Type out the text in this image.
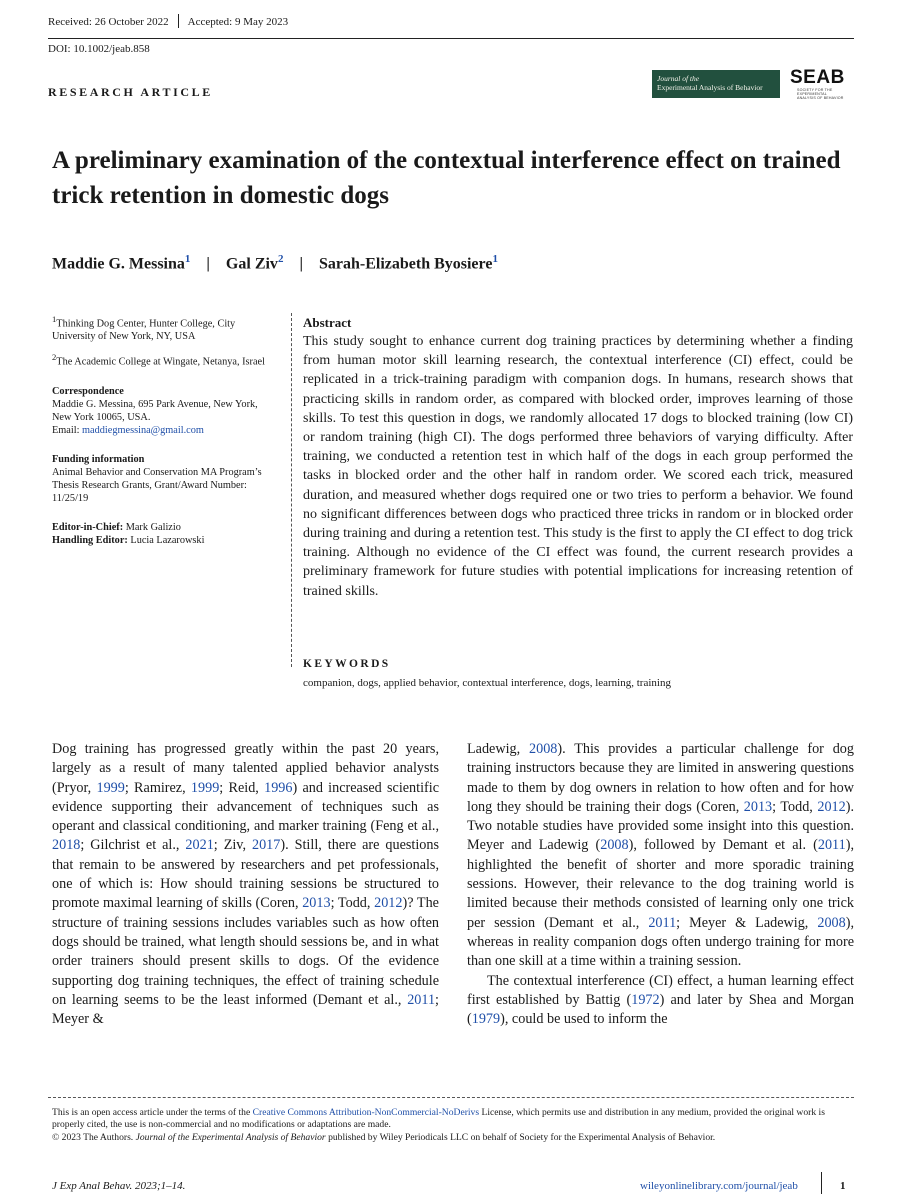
Received: 26 October 2022 Accepted: 9 May 2023
DOI: 10.1002/jeab.858
RESEARCH ARTICLE
Journal of the
Experimental Analysis of Behavior	SEAB
SOCIETY FOR THE EXPERIMENTAL
ANALYSIS OF BEHAVIOR
A preliminary examination of the contextual interference effect on trained trick retention in domestic dogs
Maddie G. Messina$^1$ | Gal Ziv$^2$ | Sarah-Elizabeth Byosiere$^1$

$^1$Thinking Dog Center, Hunter College, City University of New York, NY, USA

$^2$The Academic College at Wingate, Netanya, Israel

Correspondence

Maddie G. Messina, 695 Park Avenue, New York, New York 10065, USA.

Email: maddiegmessina@gmail.com

Funding information

Animal Behavior and Conservation MA Program’s Thesis Research Grants, Grant/Award Number: 11/25/19

Editor-in-Chief: Mark Galizio

Handling Editor: Lucia Lazarowski

Abstract
This study sought to enhance current dog training practices by determining whether a finding from human motor skill learning research, the contextual interference (CI) effect, could be replicated in a trick-training paradigm with companion dogs. In humans, research shows that practicing skills in random order, as compared with blocked order, improves learning of those skills. To test this question in dogs, we randomly allocated 17 dogs to blocked training (low CI) or random training (high CI). The dogs performed three behaviors of varying difficulty. After training, we conducted a retention test in which half of the dogs in each group performed the tasks in blocked order and the other half in random order. We scored each trick, measured duration, and measured whether dogs required one or two tries to perform a behavior. We found no significant differences between dogs who practiced three tricks in random or in blocked order during training and during a retention test. This study is the first to apply the CI effect to dog trick training. Although no evidence of the CI effect was found, the current research provides a preliminary framework for future studies with potential implications for increasing retention of trained skills.
KEYWORDS
companion, dogs, applied behavior, contextual interference, dogs, learning, training

Dog training has progressed greatly within the past 20 years, largely as a result of many talented applied behavior analysts (Pryor, 1999; Ramirez, 1999; Reid, 1996) and increased scientific evidence supporting their advancement of techniques such as operant and classical conditioning, and marker training (Feng et al., 2018; Gilchrist et al., 2021; Ziv, 2017). Still, there are questions that remain to be answered by researchers and pet professionals, one of which is: How should training sessions be structured to promote maximal learning of skills (Coren, 2013; Todd, 2012)? The structure of training sessions includes variables such as how often dogs should be trained, what length should sessions be, and in what order trainers should present skills to dogs. Of the evidence supporting dog training techniques, the effect of training schedule on learning seems to be the least informed (Demant et al., 2011; Meyer &

Ladewig, 2008). This provides a particular challenge for dog training instructors because they are limited in answering questions made to them by dog owners in relation to how often and for how long they should be training their dogs (Coren, 2013; Todd, 2012). Two notable studies have provided some insight into this question. Meyer and Ladewig (2008), followed by Demant et al. (2011), highlighted the benefit of shorter and more sporadic training sessions. However, their relevance to the dog training world is limited because their methods consisted of learning only one trick per session (Demant et al., 2011; Meyer & Ladewig, 2008), whereas in reality companion dogs often undergo training for more than one skill at a time within a training session.

The contextual interference (CI) effect, a human learning effect first established by Battig (1972) and later by Shea and Morgan (1979), could be used to inform the

This is an open access article under the terms of the Creative Commons Attribution-NonCommercial-NoDerivs License, which permits use and distribution in any medium, provided the original work is properly cited, the use is non-commercial and no modifications or adaptations are made.

© 2023 The Authors. Journal of the Experimental Analysis of Behavior published by Wiley Periodicals LLC on behalf of Society for the Experimental Analysis of Behavior.

J Exp Anal Behav. 2023;1–14.	wileyonlinelibrary.com/journal/jeab	1
